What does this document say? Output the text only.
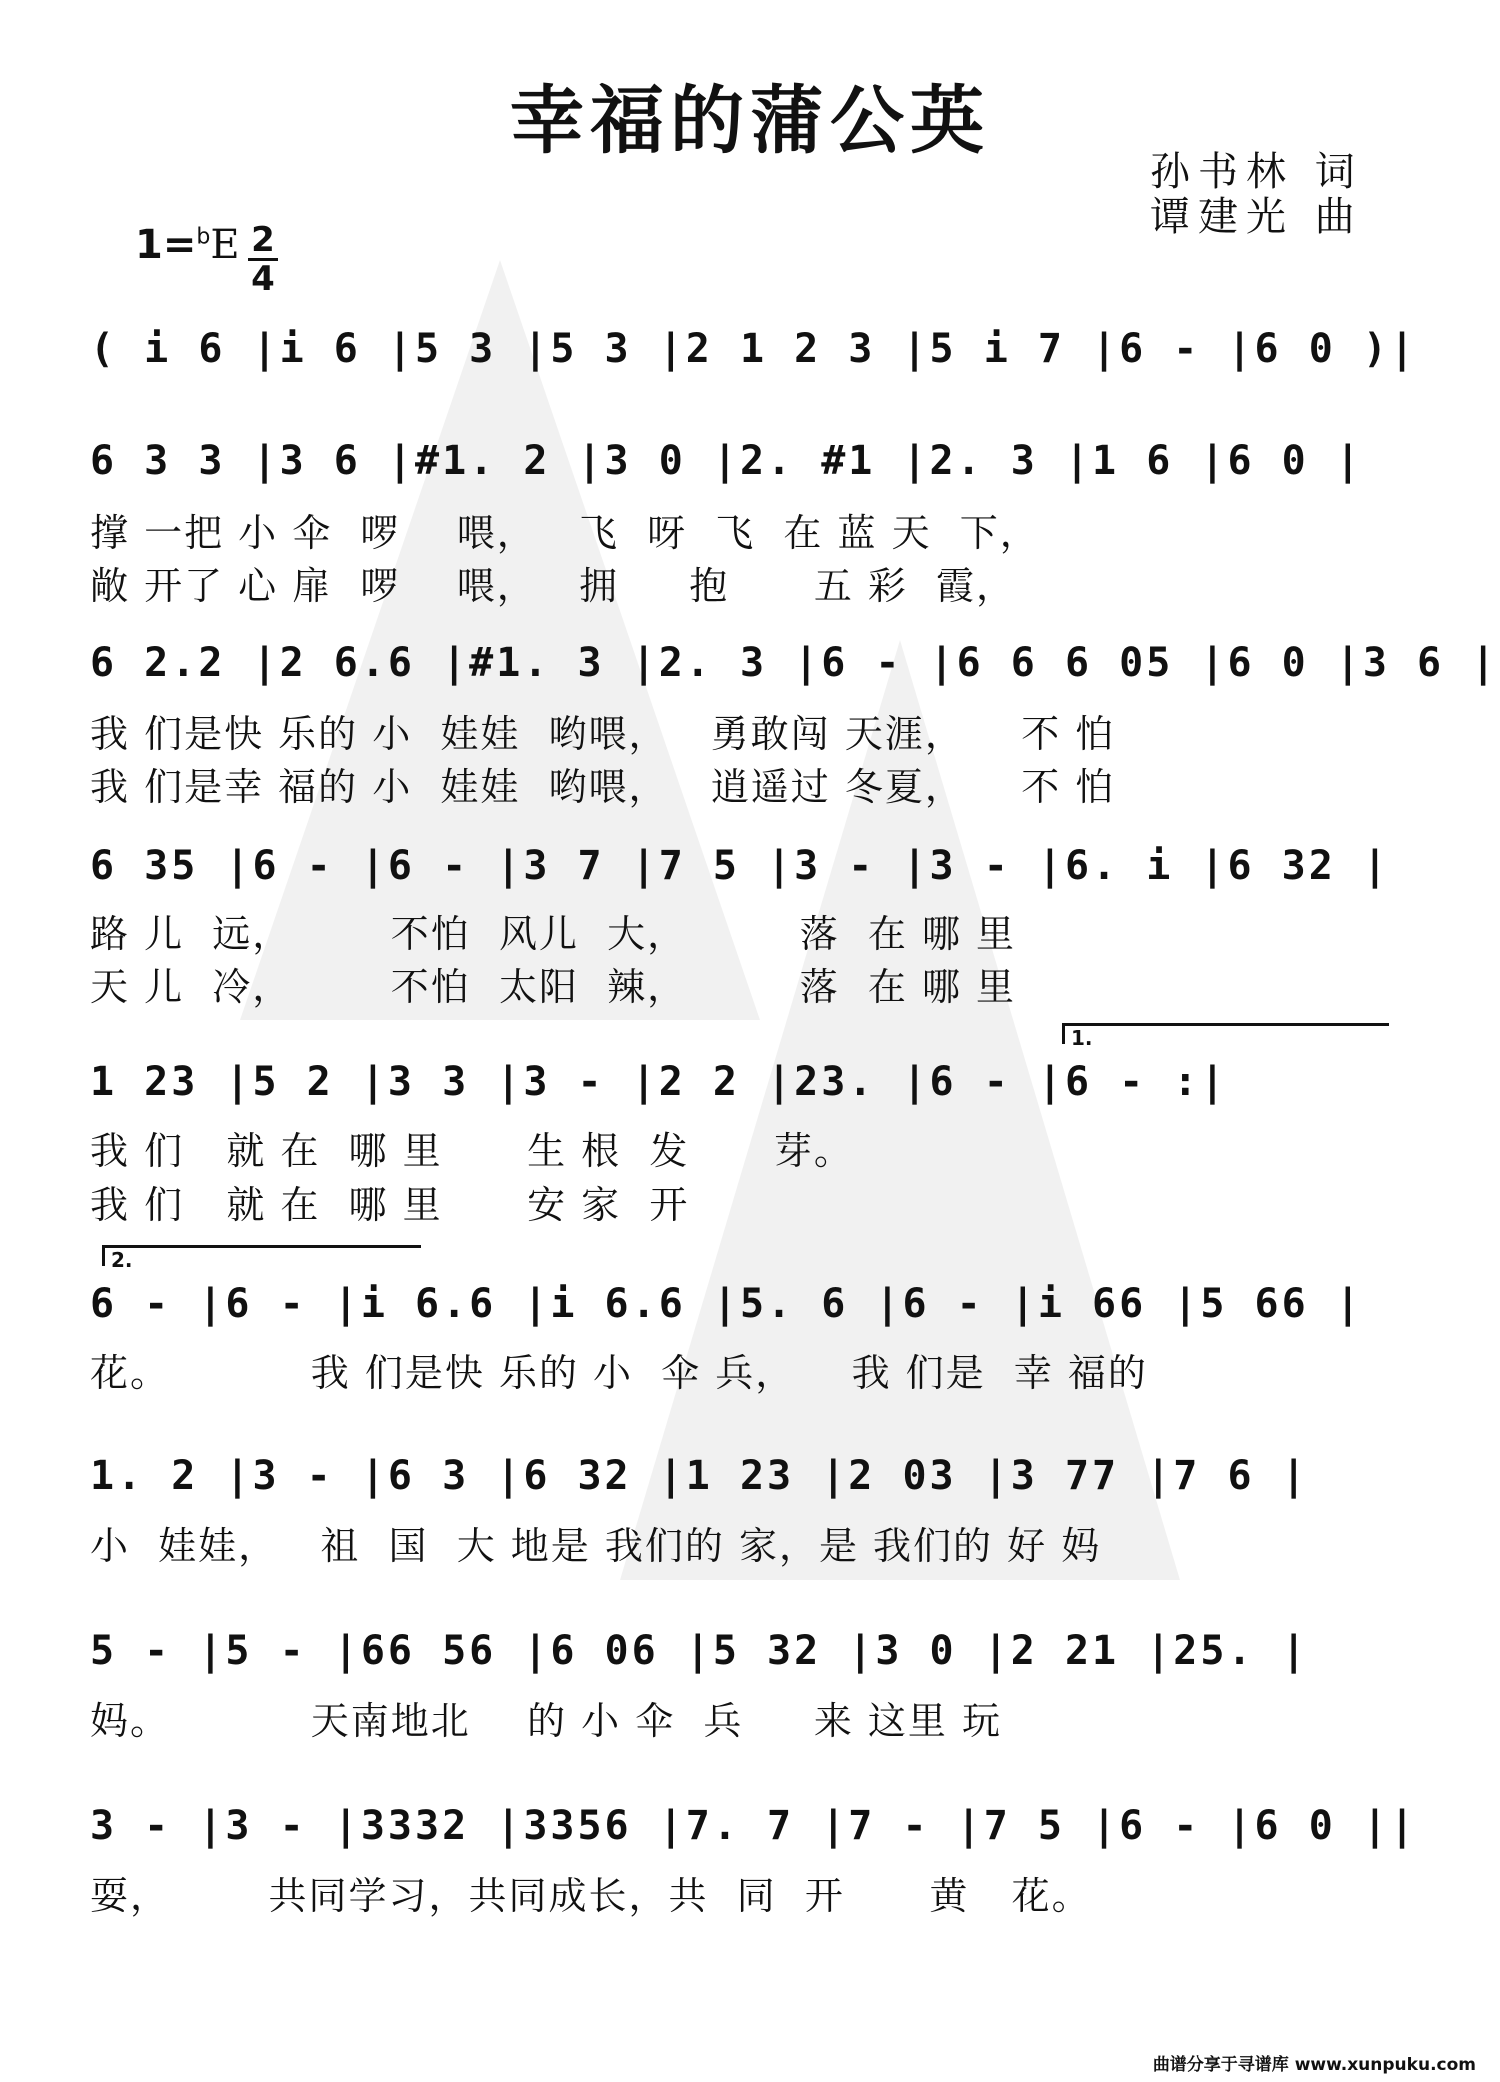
幸福的蒲公英
孙书林 词
谭建光 曲
1=$^b$E 2
4
( i 6 |i 6 |5 3 |5 3 |2 1 2 3 |5 i 7 |6 - |6 0 )|
6 3 3 |3 6 |#1. 2 |3 0 |2. #1 |2. 3 |1 6 |6 0 |
撑 一把 小 伞  啰    喂，   飞  呀  飞  在 蓝 天  下，
敞 开了 心 扉  啰    喂，   拥     抱      五 彩  霞，
6 2.2 |2 6.6 |#1. 3 |2. 3 |6 - |6 6 6 05 |6 0 |3 6 |
我 们是快 乐的 小  娃娃  哟喂，   勇敢闯 天涯，    不 怕
我 们是幸 福的 小  娃娃  哟喂，   逍遥过 冬夏，    不 怕
6 35 |6 - |6 - |3 7 |7 5 |3 - |3 - |6. i |6 32 |
路 儿  远，       不怕  风儿  大，        落  在 哪 里
天 儿  冷，       不怕  太阳  辣，        落  在 哪 里
1.
1 23 |5 2 |3 3 |3 - |2 2 |23. |6 - |6 - :|
我 们   就 在  哪 里      生 根  发      芽。
我 们   就 在  哪 里      安 家  开
2.
6 - |6 - |i 6.6 |i 6.6 |5. 6 |6 - |i 66 |5 66 |
花。          我 们是快 乐的 小  伞 兵，    我 们是  幸 福的
1. 2 |3 - |6 3 |6 32 |1 23 |2 03 |3 77 |7 6 |
小  娃娃，   祖  国  大 地是 我们的 家，是 我们的 好 妈
5 - |5 - |66 56 |6 06 |5 32 |3 0 |2 21 |25. |
妈。          天南地北    的 小 伞  兵     来 这里 玩
3 - |3 - |3332 |3356 |7. 7 |7 - |7 5 |6 - |6 0 ||
耍，       共同学习，共同成长，共  同  开      黄   花。
曲谱分享于寻谱库 www.xunpuku.com
